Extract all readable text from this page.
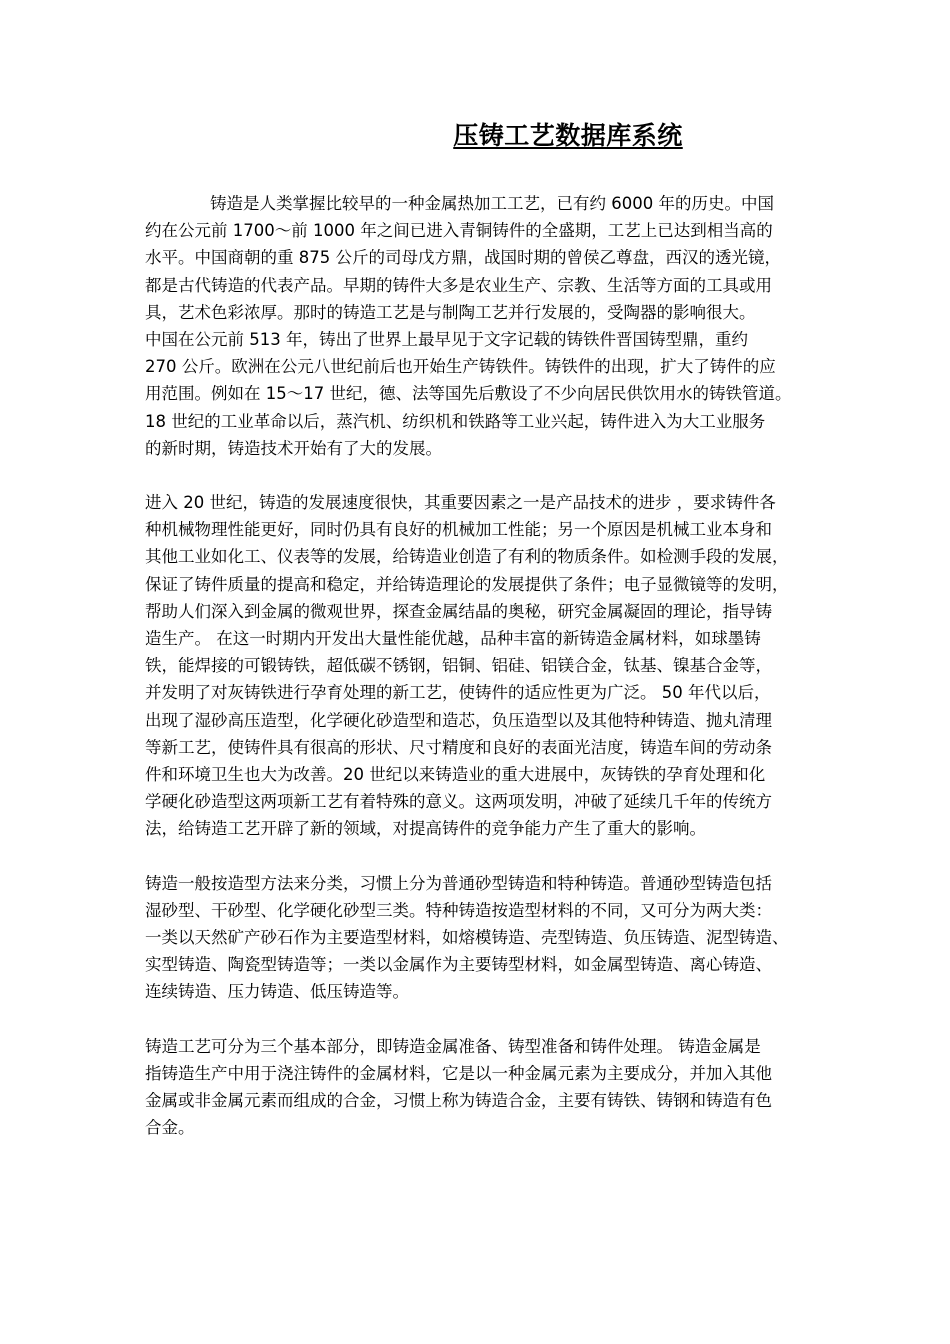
压铸工艺数据库系统
铸造是人类掌握比较早的一种金属热加工工艺，已有约 6000 年的历史。中国
约在公元前 1700～前 1000 年之间已进入青铜铸件的全盛期，工艺上已达到相当高的
水平。中国商朝的重 875 公斤的司母戊方鼎，战国时期的曾侯乙尊盘，西汉的透光镜，
都是古代铸造的代表产品。早期的铸件大多是农业生产、宗教、生活等方面的工具或用
具，艺术色彩浓厚。那时的铸造工艺是与制陶工艺并行发展的，受陶器的影响很大。
中国在公元前 513 年，铸出了世界上最早见于文字记载的铸铁件晋国铸型鼎，重约
270 公斤。欧洲在公元八世纪前后也开始生产铸铁件。铸铁件的出现，扩大了铸件的应
用范围。例如在 15～17 世纪，德、法等国先后敷设了不少向居民供饮用水的铸铁管道。
18 世纪的工业革命以后，蒸汽机、纺织机和铁路等工业兴起，铸件进入为大工业服务
的新时期，铸造技术开始有了大的发展。
进入 20 世纪，铸造的发展速度很快，其重要因素之一是产品技术的进步 ，要求铸件各
种机械物理性能更好，同时仍具有良好的机械加工性能；另一个原因是机械工业本身和
其他工业如化工、仪表等的发展，给铸造业创造了有利的物质条件。如检测手段的发展，
保证了铸件质量的提高和稳定，并给铸造理论的发展提供了条件；电子显微镜等的发明，
帮助人们深入到金属的微观世界，探查金属结晶的奥秘，研究金属凝固的理论，指导铸
造生产。 在这一时期内开发出大量性能优越，品种丰富的新铸造金属材料，如球墨铸
铁，能焊接的可锻铸铁，超低碳不锈钢，铝铜、铝硅、铝镁合金，钛基、镍基合金等，
并发明了对灰铸铁进行孕育处理的新工艺，使铸件的适应性更为广泛。 50 年代以后，
出现了湿砂高压造型，化学硬化砂造型和造芯，负压造型以及其他特种铸造、抛丸清理
等新工艺，使铸件具有很高的形状、尺寸精度和良好的表面光洁度，铸造车间的劳动条
件和环境卫生也大为改善。20 世纪以来铸造业的重大进展中，灰铸铁的孕育处理和化
学硬化砂造型这两项新工艺有着特殊的意义。这两项发明，冲破了延续几千年的传统方
法，给铸造工艺开辟了新的领域，对提高铸件的竞争能力产生了重大的影响。
铸造一般按造型方法来分类，习惯上分为普通砂型铸造和特种铸造。普通砂型铸造包括
湿砂型、干砂型、化学硬化砂型三类。特种铸造按造型材料的不同，又可分为两大类：
一类以天然矿产砂石作为主要造型材料，如熔模铸造、壳型铸造、负压铸造、泥型铸造、
实型铸造、陶瓷型铸造等；一类以金属作为主要铸型材料，如金属型铸造、离心铸造、
连续铸造、压力铸造、低压铸造等。
铸造工艺可分为三个基本部分，即铸造金属准备、铸型准备和铸件处理。 铸造金属是
指铸造生产中用于浇注铸件的金属材料，它是以一种金属元素为主要成分，并加入其他
金属或非金属元素而组成的合金，习惯上称为铸造合金，主要有铸铁、铸钢和铸造有色
合金。
